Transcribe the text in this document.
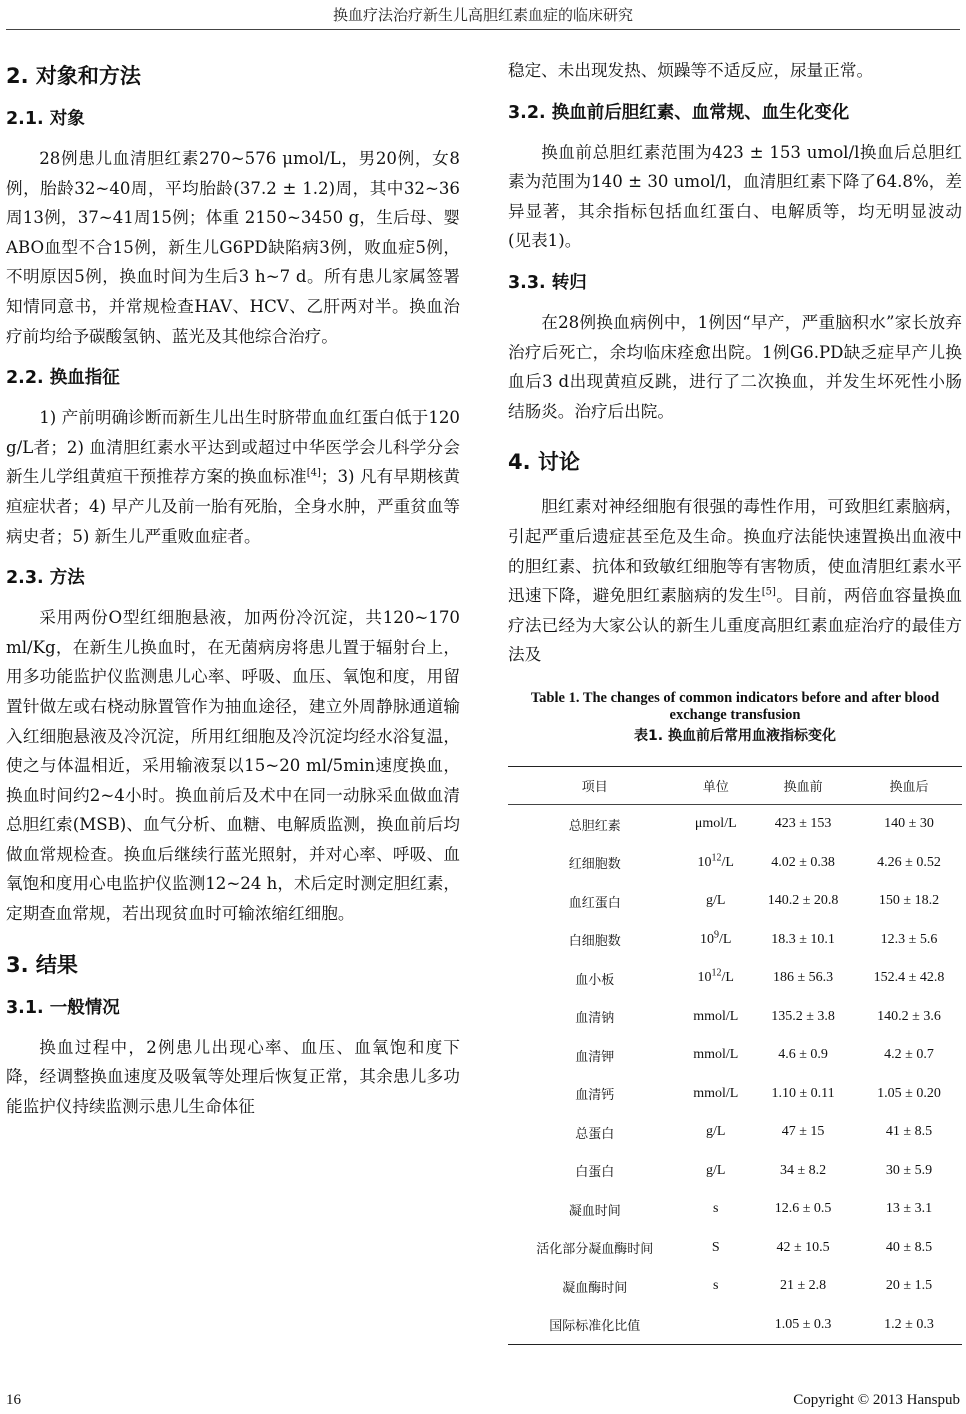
换血疗法治疗新生儿高胆红素血症的临床研究
2. 对象和方法
2.1. 对象

28例患儿血清胆红素270~576 μmol/L，男20例，女8例，胎龄32~40周，平均胎龄(37.2 ± 1.2)周，其中32~36周13例，37~41周15例；体重 2150~3450 g，生后母、婴ABO血型不合15例，新生儿G6PD缺陷病3例，败血症5例，不明原因5例，换血时间为生后3 h~7 d。所有患儿家属签署知情同意书，并常规检查HAV、HCV、乙肝两对半。换血治疗前均给予碳酸氢钠、蓝光及其他综合治疗。

2.2. 换血指征

1) 产前明确诊断而新生儿出生时脐带血血红蛋白低于120 g/L者；2) 血清胆红素水平达到或超过中华医学会儿科学分会新生儿学组黄疸干预推荐方案的换血标准[4]；3) 凡有早期核黄疸症状者；4) 早产儿及前一胎有死胎，全身水肿，严重贫血等病史者；5) 新生儿严重败血症者。

2.3. 方法

采用两份O型红细胞悬液，加两份冷沉淀，共120~170 ml/Kg，在新生儿换血时，在无菌病房将患儿置于辐射台上，用多功能监护仪监测患儿心率、呼吸、血压、氧饱和度，用留置针做左或右桡动脉置管作为抽血途径，建立外周静脉通道输入红细胞悬液及冷沉淀，所用红细胞及冷沉淀均经水浴复温，使之与体温相近，采用输液泵以15~20 ml/5min速度换血，换血时间约2~4小时。换血前后及术中在同一动脉采血做血清总胆红索(MSB)、血气分析、血糖、电解质监测，换血前后均做血常规检查。换血后继续行蓝光照射，并对心率、呼吸、血氧饱和度用心电监护仪监测12~24 h，术后定时测定胆红素，定期查血常规，若出现贫血时可输浓缩红细胞。

3. 结果
3.1. 一般情况

换血过程中，2例患儿出现心率、血压、血氧饱和度下降，经调整换血速度及吸氧等处理后恢复正常，其余患儿多功能监护仪持续监测示患儿生命体征

稳定、未出现发热、烦躁等不适反应，尿量正常。

3.2. 换血前后胆红素、血常规、血生化变化

换血前总胆红素范围为423 ± 153 umol/l换血后总胆红素为范围为140 ± 30 umol/l，血清胆红素下降了64.8%，差异显著，其余指标包括血红蛋白、电解质等，均无明显波动(见表1)。

3.3. 转归

在28例换血病例中，1例因“早产，严重脑积水”家长放弃治疗后死亡，余均临床痊愈出院。1例G6.PD缺乏症早产儿换血后3 d出现黄疸反跳，进行了二次换血，并发生坏死性小肠结肠炎。治疗后出院。

4. 讨论

胆红素对神经细胞有很强的毒性作用，可致胆红素脑病，引起严重后遗症甚至危及生命。换血疗法能快速置换出血液中的胆红素、抗体和致敏红细胞等有害物质，使血清胆红素水平迅速下降，避免胆红素脑病的发生[5]。目前，两倍血容量换血疗法已经为大家公认的新生儿重度高胆红素血症治疗的最佳方法及

Table 1. The changes of common indicators before and after blood exchange transfusion
表1. 换血前后常用血液指标变化
项目	单位	换血前	换血后
总胆红素	μmol/L	423 ± 153	140 ± 30
红细胞数	$10^{12}/L$	4.02 ± 0.38	4.26 ± 0.52
血红蛋白	g/L	140.2 ± 20.8	150 ± 18.2
白细胞数	$10^9/L$	18.3 ± 10.1	12.3 ± 5.6
血小板	$10^{12}/L$	186 ± 56.3	152.4 ± 42.8
血清钠	mmol/L	135.2 ± 3.8	140.2 ± 3.6
血清钾	mmol/L	4.6 ± 0.9	4.2 ± 0.7
血清钙	mmol/L	1.10 ± 0.11	1.05 ± 0.20
总蛋白	g/L	47 ± 15	41 ± 8.5
白蛋白	g/L	34 ± 8.2	30 ± 5.9
凝血时间	s	12.6 ± 0.5	13 ± 3.1
活化部分凝血酶时间	S	42 ± 10.5	40 ± 8.5
凝血酶时间	s	21 ± 2.8	20 ± 1.5
国际标准化比值		1.05 ± 0.3	1.2 ± 0.3
16	Copyright © 2013 Hanspub
